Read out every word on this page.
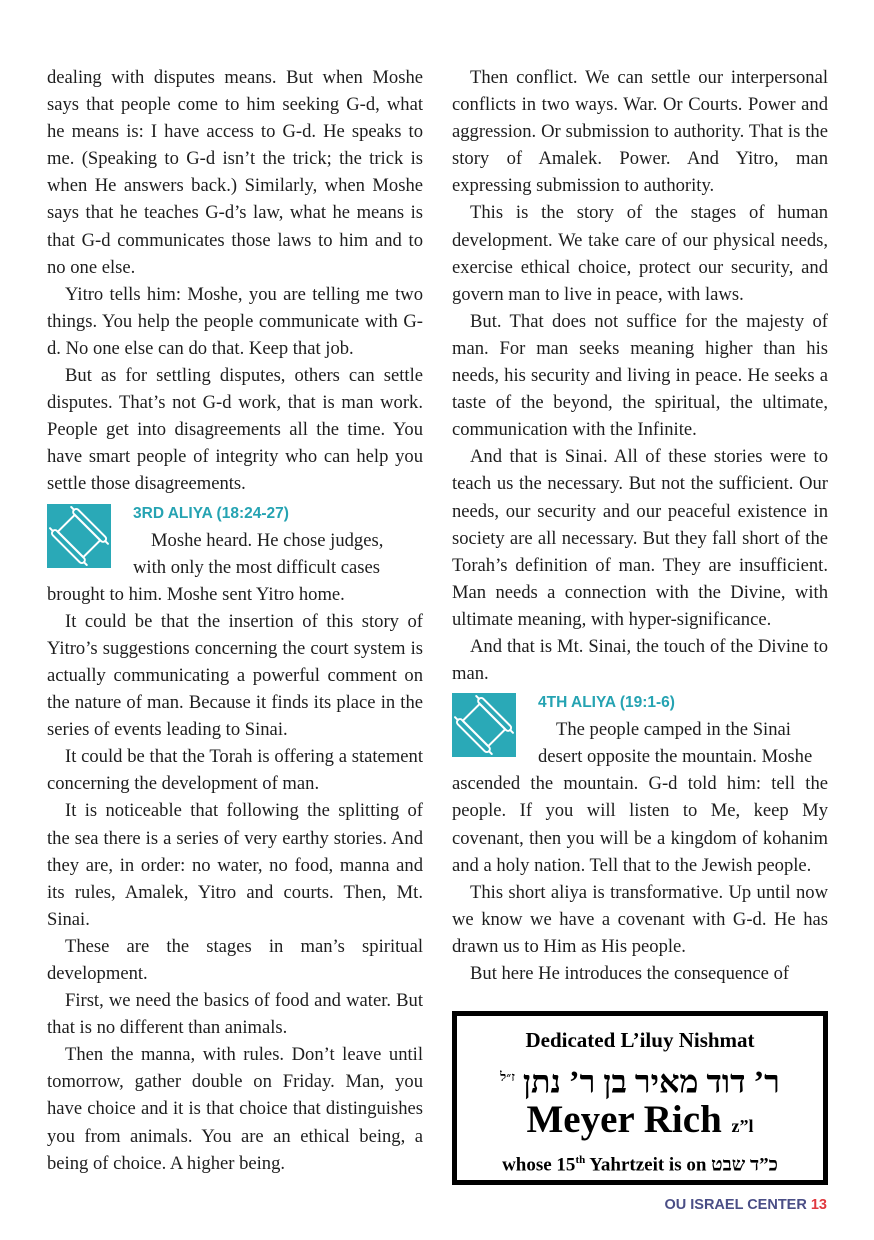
dealing with disputes means. But when Moshe says that people come to him seeking G-d, what he means is: I have access to G-d. He speaks to me. (Speaking to G-d isn’t the trick; the trick is when He answers back.) Similarly, when Moshe says that he teaches G-d’s law, what he means is that G-d communicates those laws to him and to no one else.

Yitro tells him: Moshe, you are telling me two things. You help the people communicate with G-d. No one else can do that. Keep that job.

But as for settling disputes, others can settle disputes. That’s not G-d work, that is man work. People get into disagreements all the time. You have smart people of integrity who can help you settle those disagreements.

3RD ALIYA (18:24-27)
Moshe heard. He chose judges,
with only the most difficult cases
brought to him. Moshe sent Yitro home.

It could be that the insertion of this story of Yitro’s suggestions concerning the court system is actually communicating a powerful comment on the nature of man. Because it finds its place in the series of events leading to Sinai.

It could be that the Torah is offering a statement concerning the development of man.

It is noticeable that following the splitting of the sea there is a series of very earthy stories. And they are, in order: no water, no food, manna and its rules, Amalek, Yitro and courts. Then, Mt. Sinai.

These are the stages in man’s spiritual development.

First, we need the basics of food and water. But that is no different than animals.

Then the manna, with rules. Don’t leave until tomorrow, gather double on Friday. Man, you have choice and it is that choice that distinguishes you from animals. You are an ethical being, a being of choice. A higher being.

Then conflict. We can settle our interpersonal conflicts in two ways. War. Or Courts. Power and aggression. Or submission to authority. That is the story of Amalek. Power. And Yitro, man expressing submission to authority.

This is the story of the stages of human development. We take care of our physical needs, exercise ethical choice, protect our security, and govern man to live in peace, with laws.

But. That does not suffice for the majesty of man. For man seeks meaning higher than his needs, his security and living in peace. He seeks a taste of the beyond, the spiritual, the ultimate, communication with the Infinite.

And that is Sinai. All of these stories were to teach us the necessary. But not the sufficient. Our needs, our security and our peaceful existence in society are all necessary. But they fall short of the Torah’s definition of man. They are insufficient. Man needs a connection with the Divine, with ultimate meaning, with hyper-significance.

And that is Mt. Sinai, the touch of the Divine to man.

4TH ALIYA (19:1-6)
The people camped in the Sinai
desert opposite the mountain. Moshe
ascended the mountain. G-d told him: tell the people. If you will listen to Me, keep My covenant, then you will be a kingdom of kohanim and a holy nation. Tell that to the Jewish people.

This short aliya is transformative. Up until now we know we have a covenant with G-d. He has drawn us to Him as His people.

But here He introduces the consequence of

Dedicated L’iluy Nishmat
ר’ דוד מאיר בן ר’ נתן $^{ז״ל}$
Meyer Rich z”l
whose 15th Yahrtzeit is on כ”ד שבט
OU ISRAEL CENTER 13
